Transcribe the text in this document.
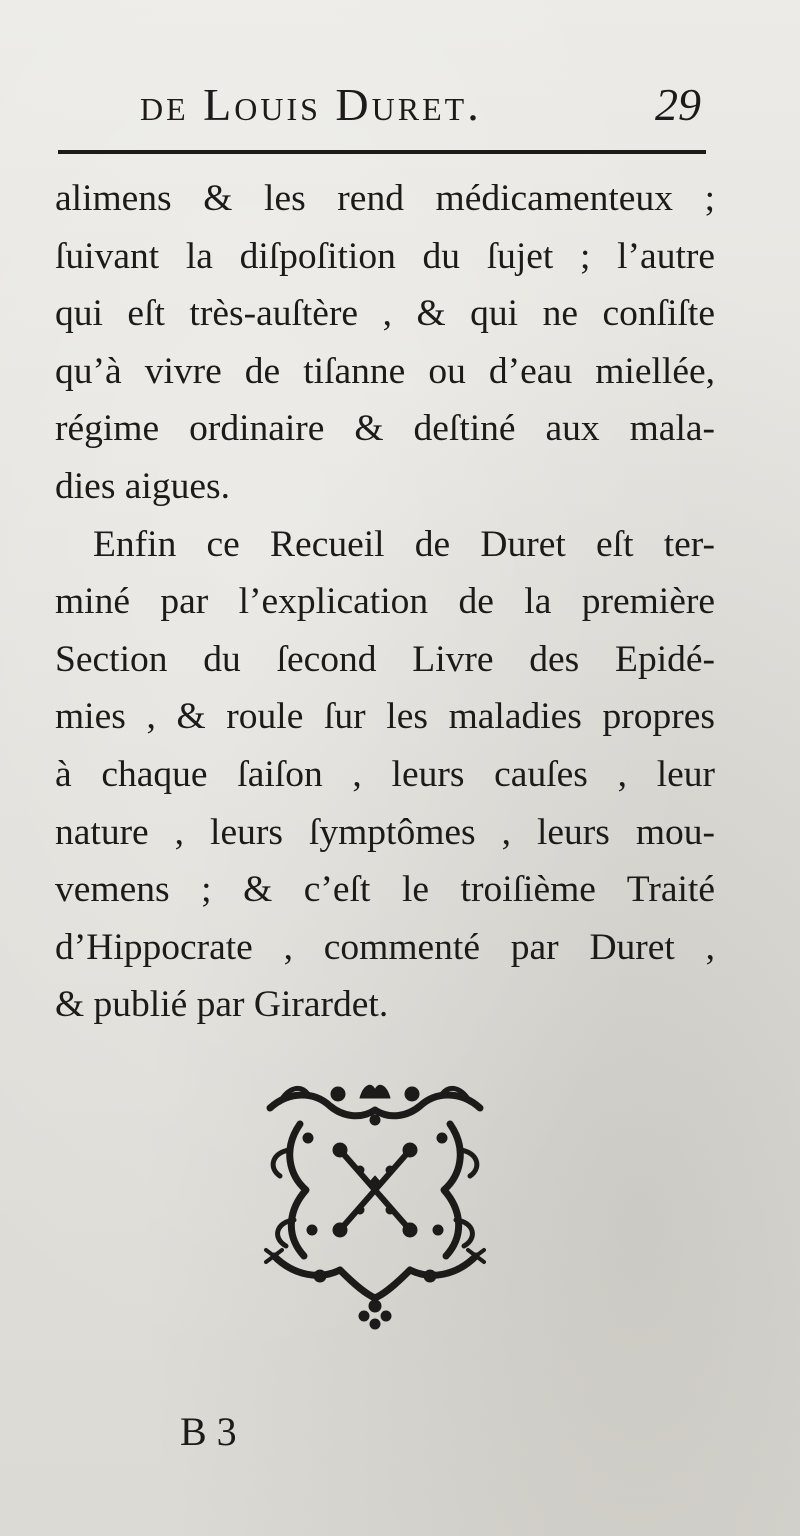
de Louis Duret.	29
alimens & les rend médicamenteux ;
ſuivant la diſpoſition du ſujet ; l’autre
qui eſt très-auſtère , & qui ne conſiſte
qu’à vivre de tiſanne ou d’eau miellée,
régime ordinaire & deſtiné aux mala-
dies aigues.
Enfin ce Recueil de Duret eſt ter-
miné par l’explication de la première
Section du ſecond Livre des Epidé-
mies , & roule ſur les maladies propres
à chaque ſaiſon , leurs cauſes , leur
nature , leurs ſymptômes , leurs mou-
vemens ; & c’eſt le troiſième Traité
d’Hippocrate , commenté par Duret ,
& publié par Girardet.
B 3
